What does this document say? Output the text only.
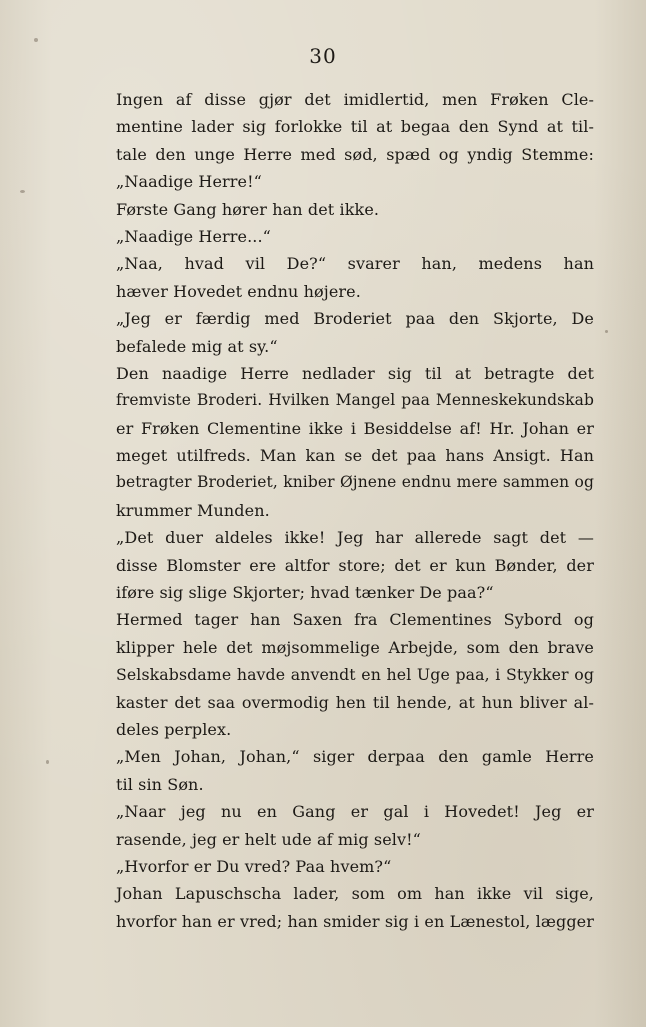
30
Ingen af disse gjør det imidlertid, men Frøken Cle-
mentine lader sig forlokke til at begaa den Synd at til-
tale den unge Herre med sød, spæd og yndig Stemme:
„Naadige Herre!“
Første Gang hører han det ikke.
„Naadige Herre...“
„Naa, hvad vil De?“ svarer han, medens han
hæver Hovedet endnu højere.
„Jeg er færdig med Broderiet paa den Skjorte, De
befalede mig at sy.“
Den naadige Herre nedlader sig til at betragte det
fremviste Broderi. Hvilken Mangel paa Menneskekundskab
er Frøken Clementine ikke i Besiddelse af! Hr. Johan er
meget utilfreds. Man kan se det paa hans Ansigt. Han
betragter Broderiet, kniber Øjnene endnu mere sammen og
krummer Munden.
„Det duer aldeles ikke! Jeg har allerede sagt det —
disse Blomster ere altfor store; det er kun Bønder, der
iføre sig slige Skjorter; hvad tænker De paa?“
Hermed tager han Saxen fra Clementines Sybord og
klipper hele det møjsommelige Arbejde, som den brave
Selskabsdame havde anvendt en hel Uge paa, i Stykker og
kaster det saa overmodig hen til hende, at hun bliver al-
deles perplex.
„Men Johan, Johan,“ siger derpaa den gamle Herre
til sin Søn.
„Naar jeg nu en Gang er gal i Hovedet! Jeg er
rasende, jeg er helt ude af mig selv!“
„Hvorfor er Du vred? Paa hvem?“
Johan Lapuschscha lader, som om han ikke vil sige,
hvorfor han er vred; han smider sig i en Lænestol, lægger
